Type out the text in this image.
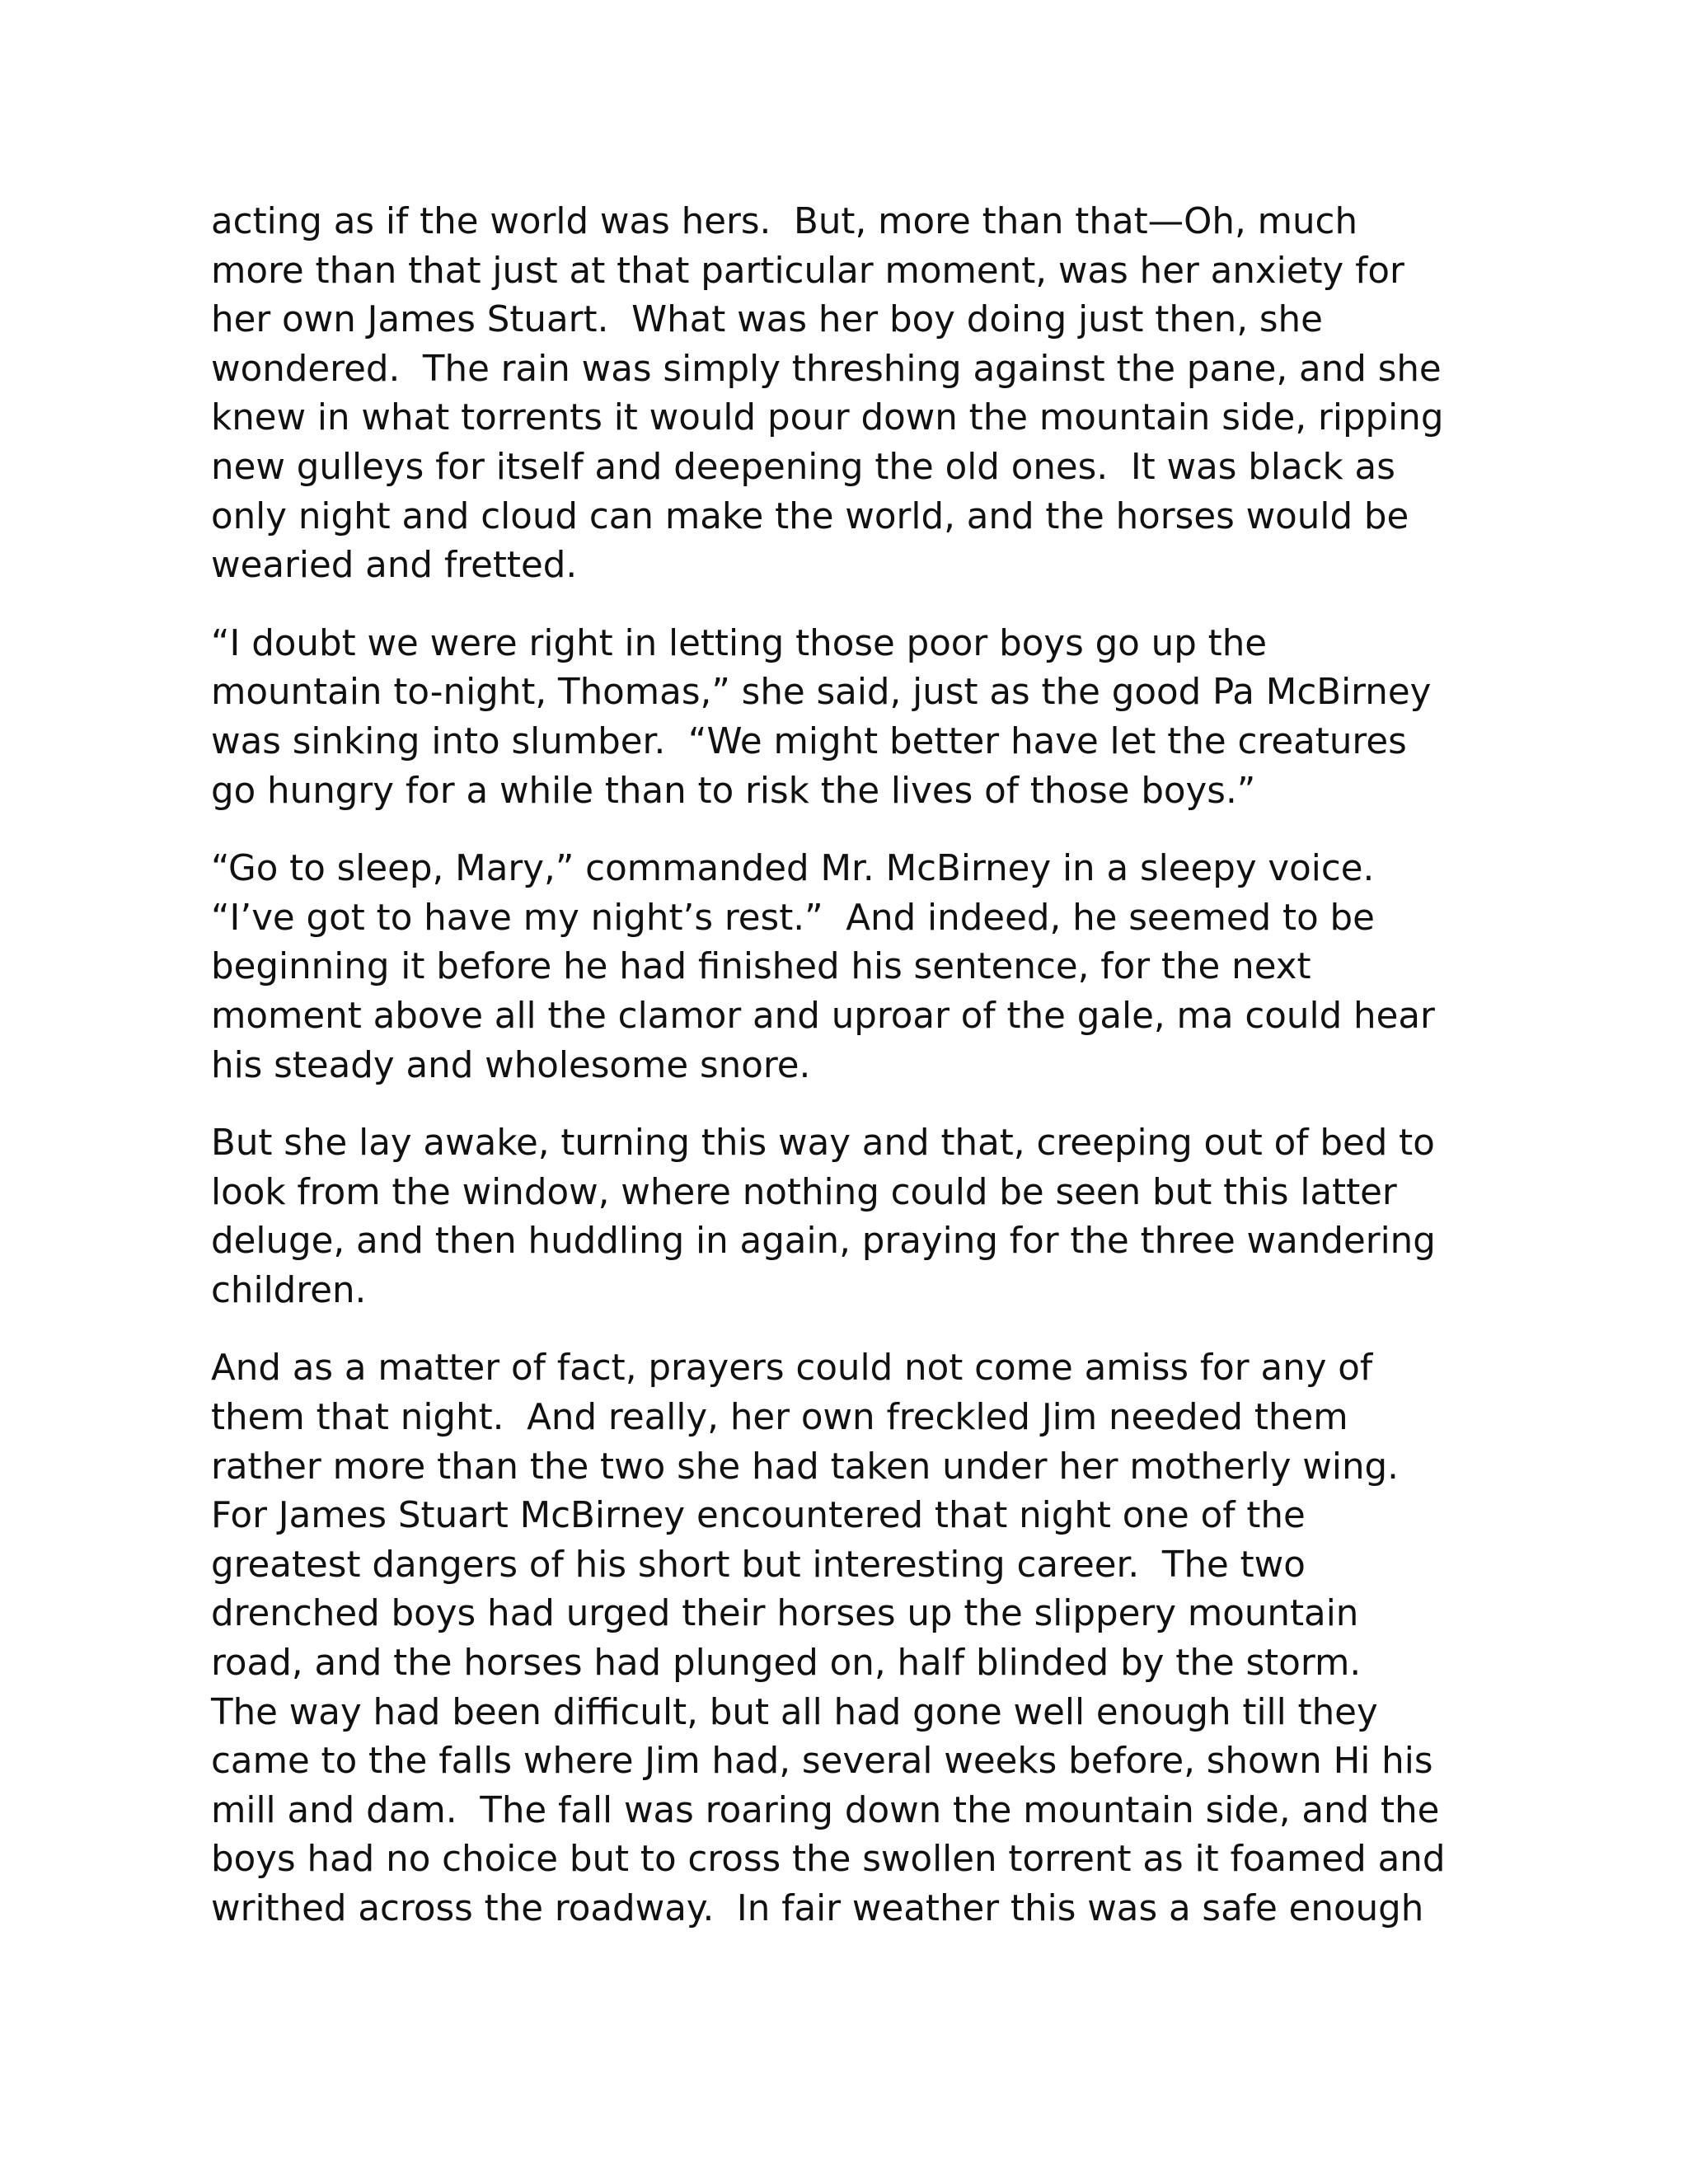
acting as if the world was hers.  But, more than that—Oh, much
more than that just at that particular moment, was her anxiety for
her own James Stuart.  What was her boy doing just then, she
wondered.  The rain was simply threshing against the pane, and she
knew in what torrents it would pour down the mountain side, ripping
new gulleys for itself and deepening the old ones.  It was black as
only night and cloud can make the world, and the horses would be
wearied and fretted.

“I doubt we were right in letting those poor boys go up the
mountain to-night, Thomas,” she said, just as the good Pa McBirney
was sinking into slumber.  “We might better have let the creatures
go hungry for a while than to risk the lives of those boys.”

“Go to sleep, Mary,” commanded Mr. McBirney in a sleepy voice.
“I’ve got to have my night’s rest.”  And indeed, he seemed to be
beginning it before he had finished his sentence, for the next
moment above all the clamor and uproar of the gale, ma could hear
his steady and wholesome snore.

But she lay awake, turning this way and that, creeping out of bed to
look from the window, where nothing could be seen but this latter
deluge, and then huddling in again, praying for the three wandering
children.

And as a matter of fact, prayers could not come amiss for any of
them that night.  And really, her own freckled Jim needed them
rather more than the two she had taken under her motherly wing.
For James Stuart McBirney encountered that night one of the
greatest dangers of his short but interesting career.  The two
drenched boys had urged their horses up the slippery mountain
road, and the horses had plunged on, half blinded by the storm.
The way had been difficult, but all had gone well enough till they
came to the falls where Jim had, several weeks before, shown Hi his
mill and dam.  The fall was roaring down the mountain side, and the
boys had no choice but to cross the swollen torrent as it foamed and
writhed across the roadway.  In fair weather this was a safe enough
